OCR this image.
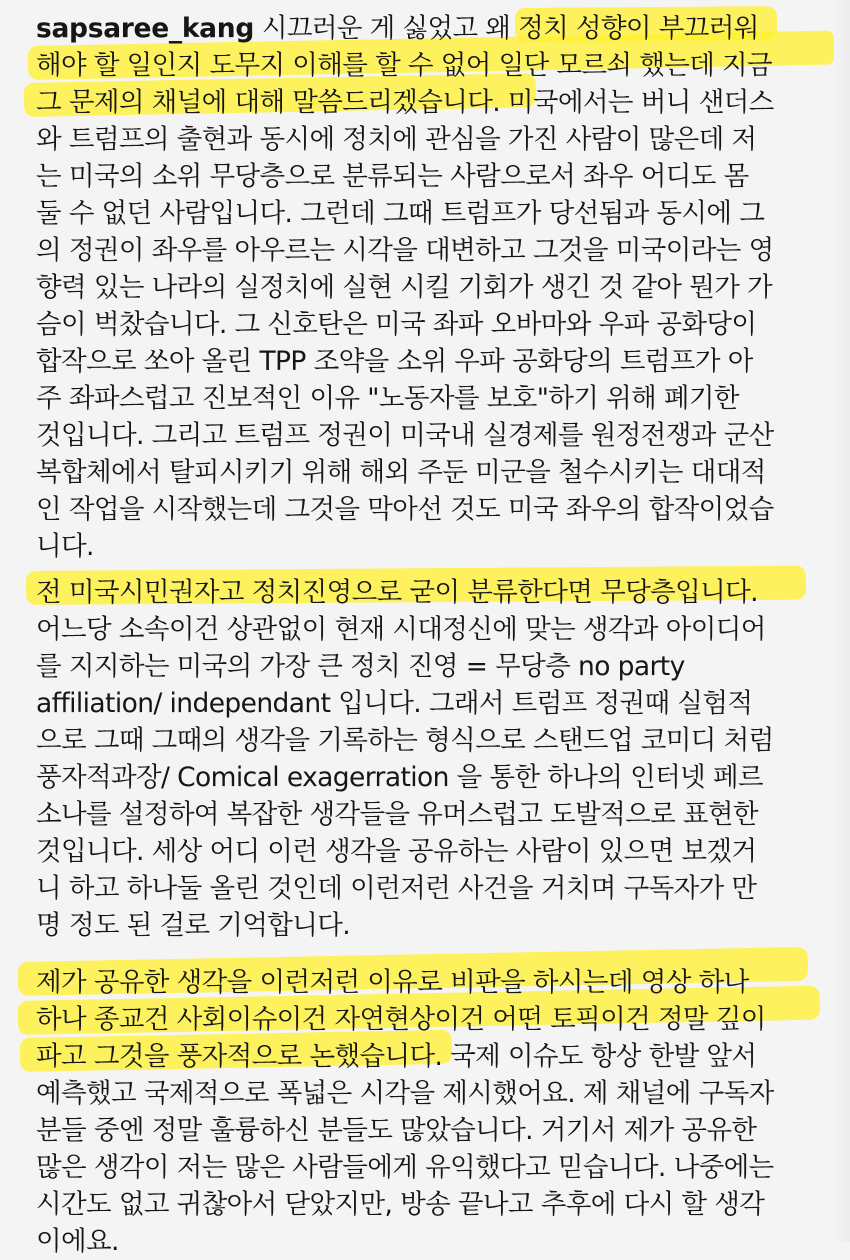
sapsaree_kang 시끄러운 게 싫었고 왜 정치 성향이 부끄러워
해야 할 일인지 도무지 이해를 할 수 없어 일단 모르쇠 했는데 지금
그 문제의 채널에 대해 말씀드리겠습니다. 미국에서는 버니 샌더스
와 트럼프의 출현과 동시에 정치에 관심을 가진 사람이 많은데 저
는 미국의 소위 무당층으로 분류되는 사람으로서 좌우 어디도 몸
둘 수 없던 사람입니다. 그런데 그때 트럼프가 당선됨과 동시에 그
의 정권이 좌우를 아우르는 시각을 대변하고 그것을 미국이라는 영
향력 있는 나라의 실정치에 실현 시킬 기회가 생긴 것 같아 뭔가 가
슴이 벅찼습니다. 그 신호탄은 미국 좌파 오바마와 우파 공화당이
합작으로 쏘아 올린 TPP 조약을 소위 우파 공화당의 트럼프가 아
주 좌파스럽고 진보적인 이유 "노동자를 보호"하기 위해 폐기한
것입니다. 그리고 트럼프 정권이 미국내 실경제를 원정전쟁과 군산
복합체에서 탈피시키기 위해 해외 주둔 미군을 철수시키는 대대적
인 작업을 시작했는데 그것을 막아선 것도 미국 좌우의 합작이었습
니다.
전 미국시민권자고 정치진영으로 굳이 분류한다면 무당층입니다.
어느당 소속이건 상관없이 현재 시대정신에 맞는 생각과 아이디어
를 지지하는 미국의 가장 큰 정치 진영 = 무당층 no party
affiliation/ independant 입니다. 그래서 트럼프 정권때 실험적
으로 그때 그때의 생각을 기록하는 형식으로 스탠드업 코미디 처럼
풍자적과장/ Comical exagerration 을 통한 하나의 인터넷 페르
소나를 설정하여 복잡한 생각들을 유머스럽고 도발적으로 표현한
것입니다. 세상 어디 이런 생각을 공유하는 사람이 있으면 보겠거
니 하고 하나둘 올린 것인데 이런저런 사건을 거치며 구독자가 만
명 정도 된 걸로 기억합니다.
제가 공유한 생각을 이런저런 이유로 비판을 하시는데 영상 하나
하나 종교건 사회이슈이건 자연현상이건 어떤 토픽이건 정말 깊이
파고 그것을 풍자적으로 논했습니다. 국제 이슈도 항상 한발 앞서
예측했고 국제적으로 폭넓은 시각을 제시했어요. 제 채널에 구독자
분들 중엔 정말 훌륭하신 분들도 많았습니다. 거기서 제가 공유한
많은 생각이 저는 많은 사람들에게 유익했다고 믿습니다. 나중에는
시간도 없고 귀찮아서 닫았지만, 방송 끝나고 추후에 다시 할 생각
이에요.
